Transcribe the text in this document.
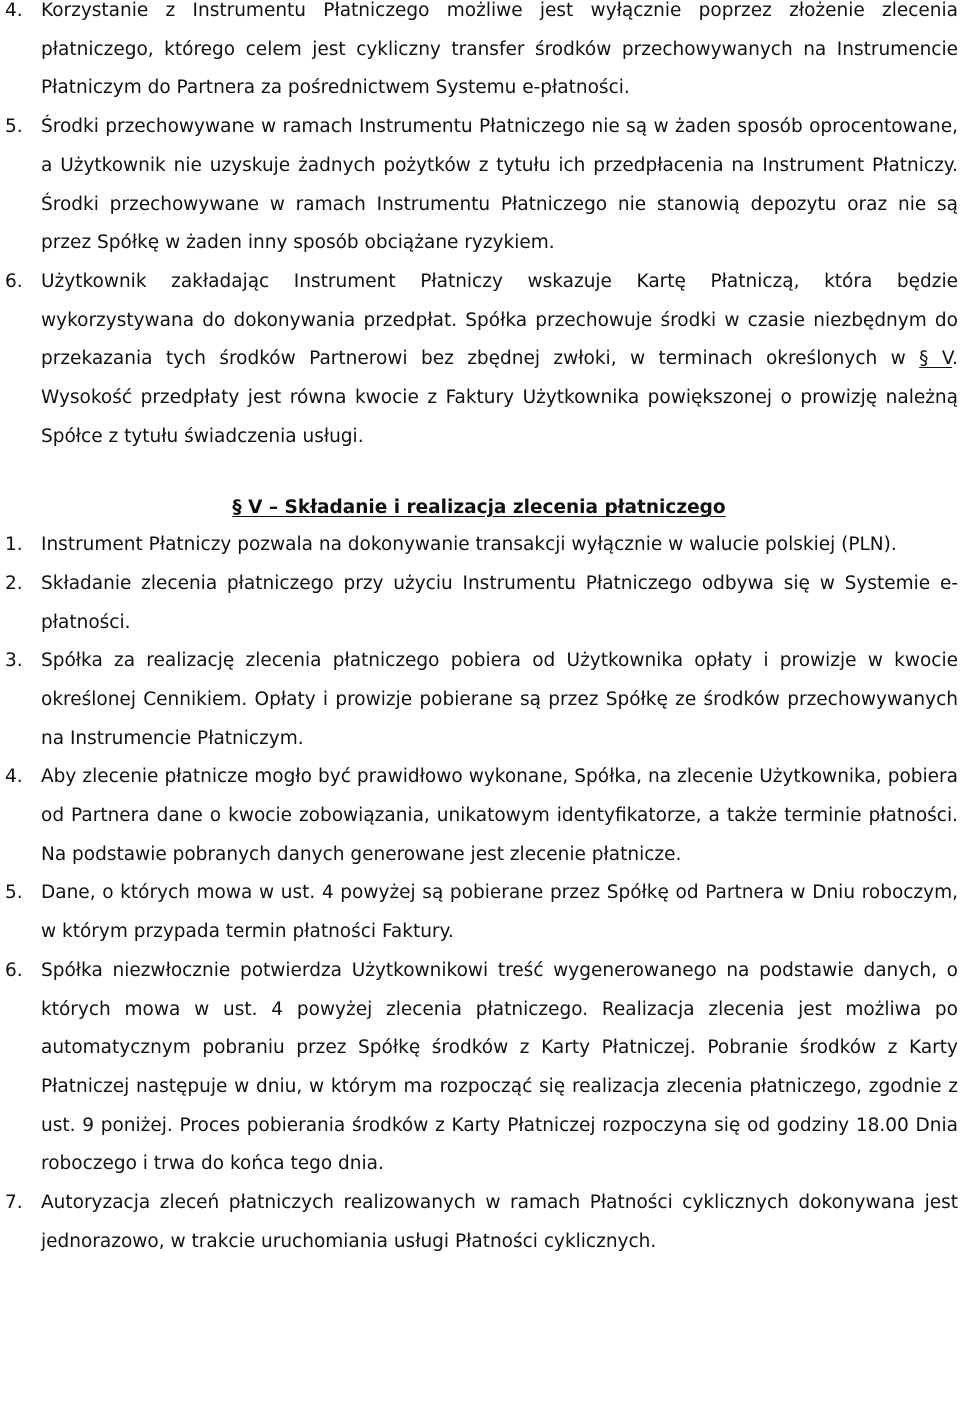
4. Korzystanie z Instrumentu Płatniczego możliwe jest wyłącznie poprzez złożenie zlecenia płatniczego, którego celem jest cykliczny transfer środków przechowywanych na Instrumencie Płatniczym do Partnera za pośrednictwem Systemu e-płatności.

5. Środki przechowywane w ramach Instrumentu Płatniczego nie są w żaden sposób oprocentowane, a Użytkownik nie uzyskuje żadnych pożytków z tytułu ich przedpłacenia na Instrument Płatniczy. Środki przechowywane w ramach Instrumentu Płatniczego nie stanowią depozytu oraz nie są przez Spółkę w żaden inny sposób obciążane ryzykiem.

6. Użytkownik zakładając Instrument Płatniczy wskazuje Kartę Płatniczą, która będzie wykorzystywana do dokonywania przedpłat. Spółka przechowuje środki w czasie niezbędnym do przekazania tych środków Partnerowi bez zbędnej zwłoki, w terminach określonych w § V. Wysokość przedpłaty jest równa kwocie z Faktury Użytkownika powiększonej o prowizję należną Spółce z tytułu świadczenia usługi.

§ V – Składanie i realizacja zlecenia płatniczego

1. Instrument Płatniczy pozwala na dokonywanie transakcji wyłącznie w walucie polskiej (PLN).

2. Składanie zlecenia płatniczego przy użyciu Instrumentu Płatniczego odbywa się w Systemie e-płatności.

3. Spółka za realizację zlecenia płatniczego pobiera od Użytkownika opłaty i prowizje w kwocie określonej Cennikiem. Opłaty i prowizje pobierane są przez Spółkę ze środków przechowywanych na Instrumencie Płatniczym.

4. Aby zlecenie płatnicze mogło być prawidłowo wykonane, Spółka, na zlecenie Użytkownika, pobiera od Partnera dane o kwocie zobowiązania, unikatowym identyfikatorze, a także terminie płatności. Na podstawie pobranych danych generowane jest zlecenie płatnicze.

5. Dane, o których mowa w ust. 4 powyżej są pobierane przez Spółkę od Partnera w Dniu roboczym, w którym przypada termin płatności Faktury.

6. Spółka niezwłocznie potwierdza Użytkownikowi treść wygenerowanego na podstawie danych, o których mowa w ust. 4 powyżej zlecenia płatniczego. Realizacja zlecenia jest możliwa po automatycznym pobraniu przez Spółkę środków z Karty Płatniczej. Pobranie środków z Karty Płatniczej następuje w dniu, w którym ma rozpocząć się realizacja zlecenia płatniczego, zgodnie z ust. 9 poniżej. Proces pobierania środków z Karty Płatniczej rozpoczyna się od godziny 18.00 Dnia roboczego i trwa do końca tego dnia.

7. Autoryzacja zleceń płatniczych realizowanych w ramach Płatności cyklicznych dokonywana jest jednorazowo, w trakcie uruchomiania usługi Płatności cyklicznych.
